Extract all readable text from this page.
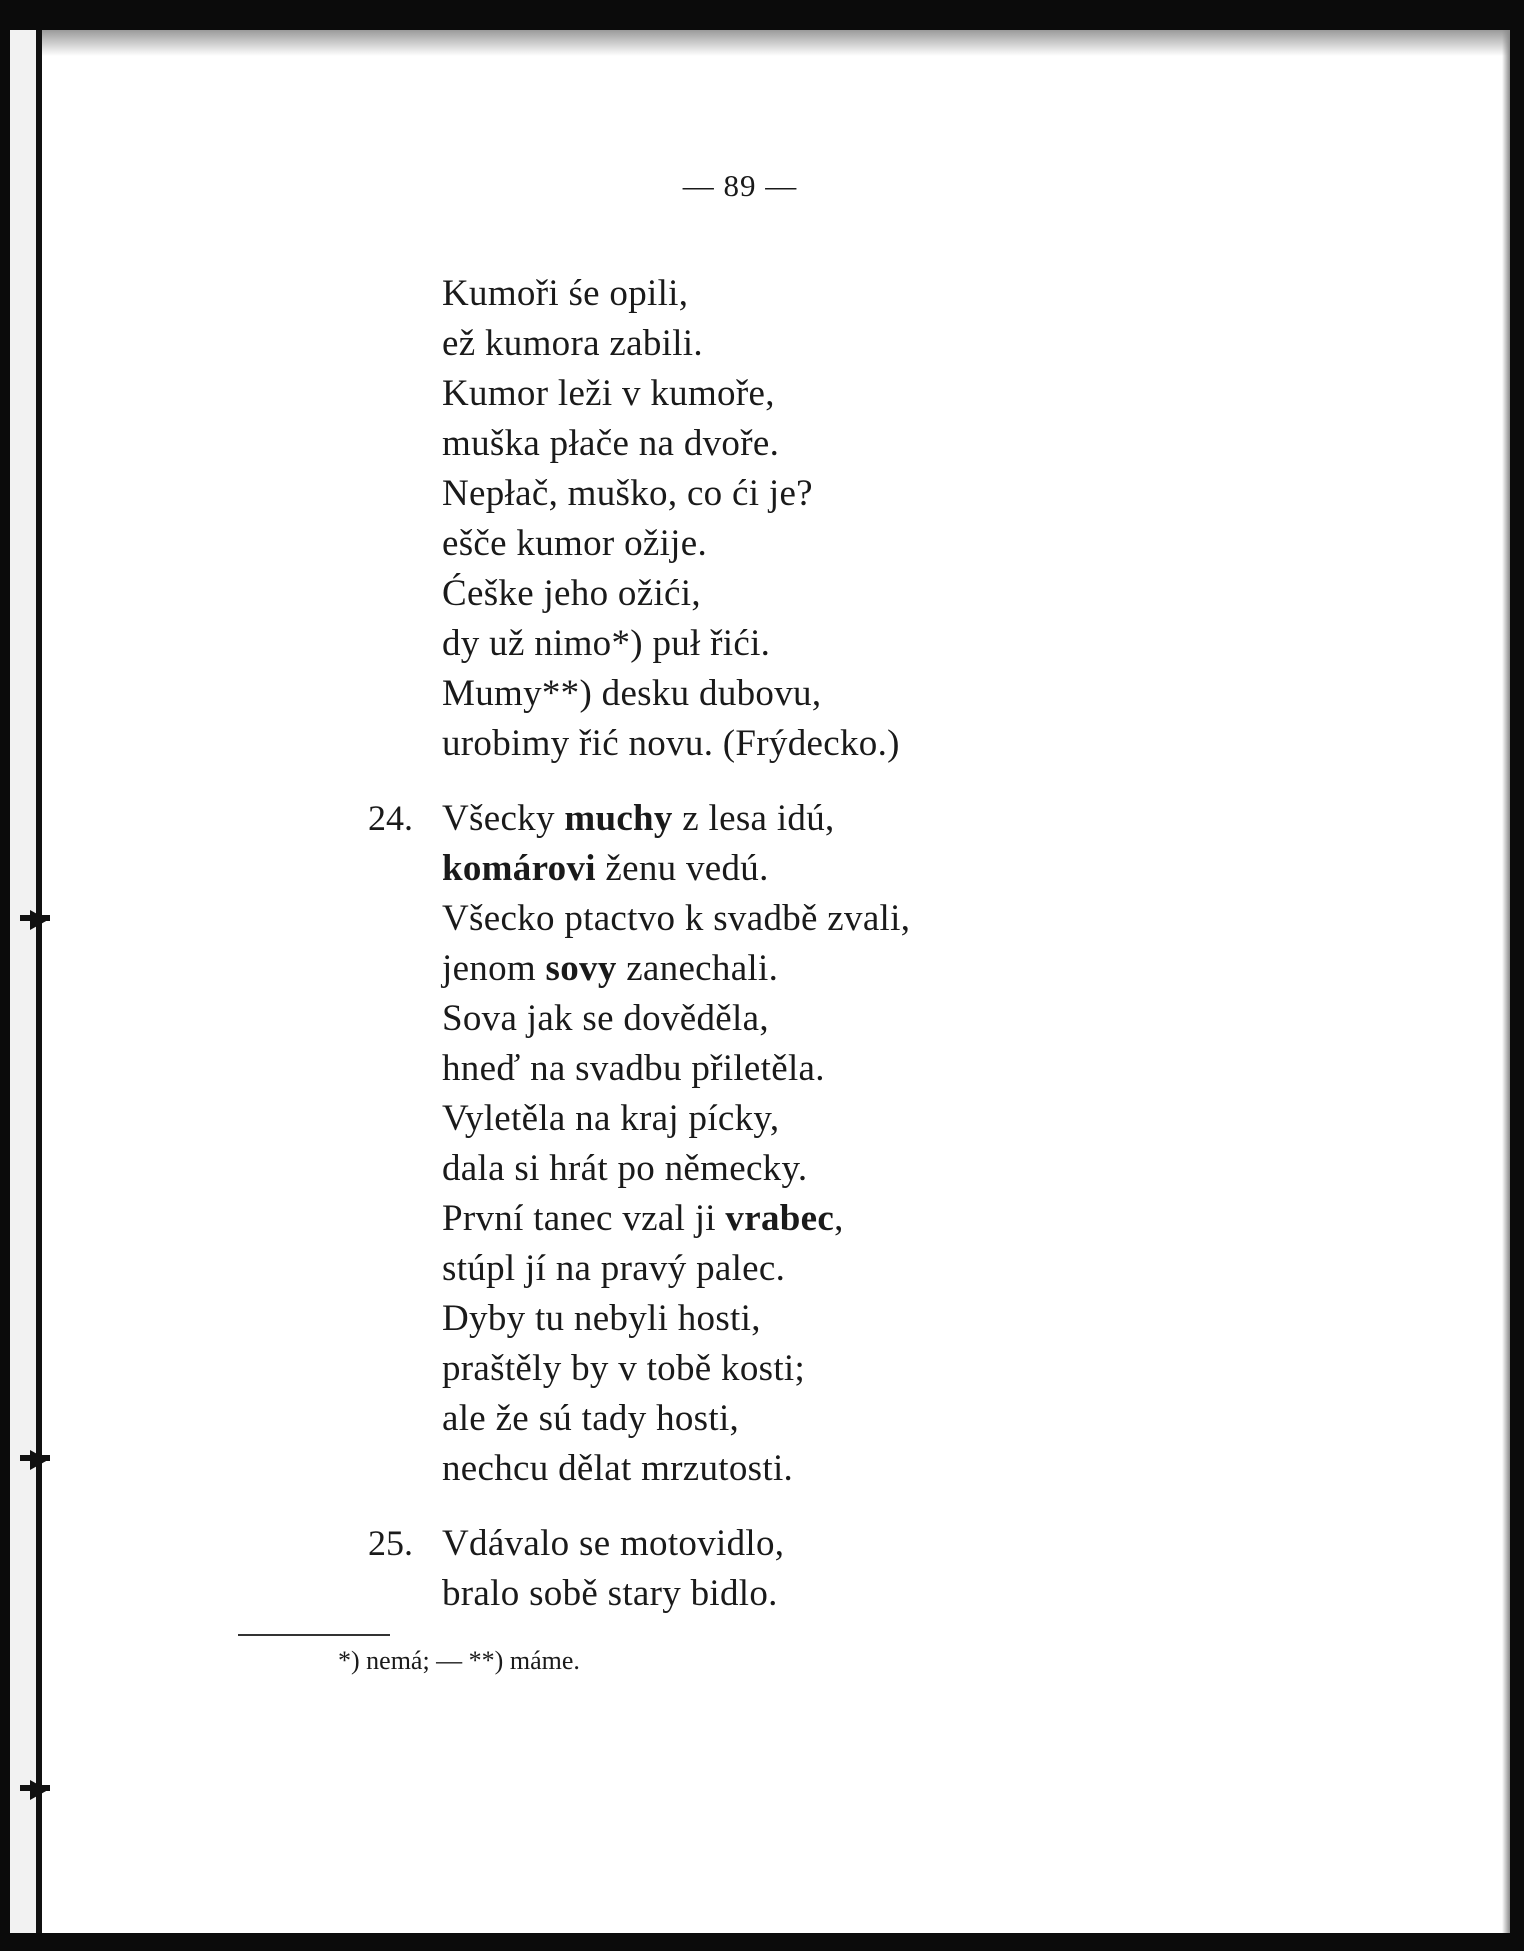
— 89 —
Kumoři śe opili,
ež kumora zabili.
Kumor leži v kumoře,
muška płače na dvoře.
Nepłač, muško, co ći je?
ešče kumor ožije.
Ćeške jeho ožići,
dy už nimo*) puł řići.
Mumy**) desku dubovu,
urobimy řić novu. (Frýdecko.)
24. Všecky muchy z lesa idú,
komárovi ženu vedú.
Všecko ptactvo k svadbě zvali,
jenom sovy zanechali.
Sova jak se dověděla,
hneď na svadbu přiletěla.
Vyletěla na kraj pícky,
dala si hrát po německy.
První tanec vzal ji vrabec,
stúpl jí na pravý palec.
Dyby tu nebyli hosti,
praštěly by v tobě kosti;
ale že sú tady hosti,
nechcu dělat mrzutosti.
25. Vdávalo se motovidlo,
bralo sobě stary bidlo.
*) nemá; — **) máme.
